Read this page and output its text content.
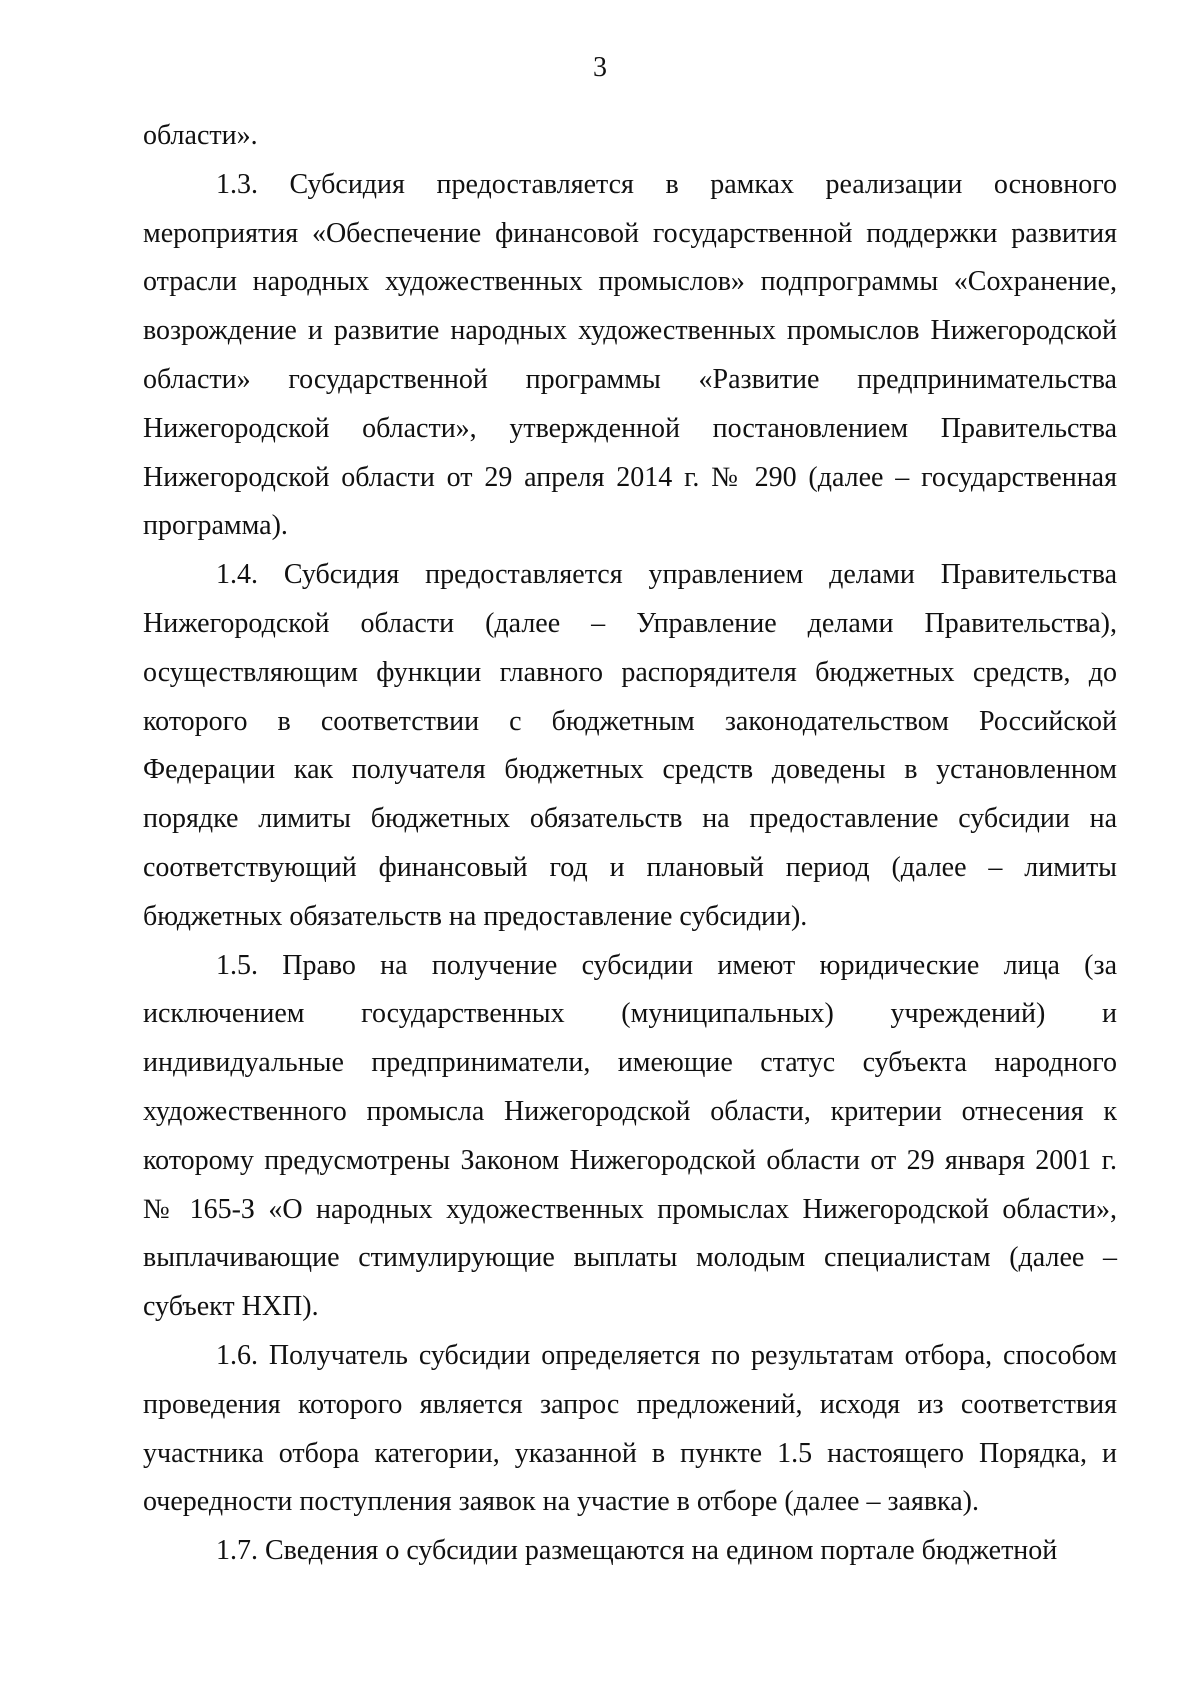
3

области».

1.3. Субсидия предоставляется в рамках реализации основного мероприятия «Обеспечение финансовой государственной поддержки развития отрасли народных художественных промыслов» подпрограммы «Сохранение, возрождение и развитие народных художественных промыслов Нижегородской области» государственной программы «Развитие предпринимательства Нижегородской области», утвержденной постановлением Правительства Нижегородской области от 29 апреля 2014 г. № 290 (далее – государственная программа).

1.4. Субсидия предоставляется управлением делами Правительства Нижегородской области (далее – Управление делами Правительства), осуществляющим функции главного распорядителя бюджетных средств, до которого в соответствии с бюджетным законодательством Российской Федерации как получателя бюджетных средств доведены в установленном порядке лимиты бюджетных обязательств на предоставление субсидии на соответствующий финансовый год и плановый период (далее – лимиты бюджетных обязательств на предоставление субсидии).

1.5. Право на получение субсидии имеют юридические лица (за исключением государственных (муниципальных) учреждений) и индивидуальные предприниматели, имеющие статус субъекта народного художественного промысла Нижегородской области, критерии отнесения к которому предусмотрены Законом Нижегородской области от 29 января 2001 г. № 165-З «О народных художественных промыслах Нижегородской области», выплачивающие стимулирующие выплаты молодым специалистам (далее – субъект НХП).

1.6. Получатель субсидии определяется по результатам отбора, способом проведения которого является запрос предложений, исходя из соответствия участника отбора категории, указанной в пункте 1.5 настоящего Порядка, и очередности поступления заявок на участие в отборе (далее – заявка).

1.7. Сведения о субсидии размещаются на едином портале бюджетной
